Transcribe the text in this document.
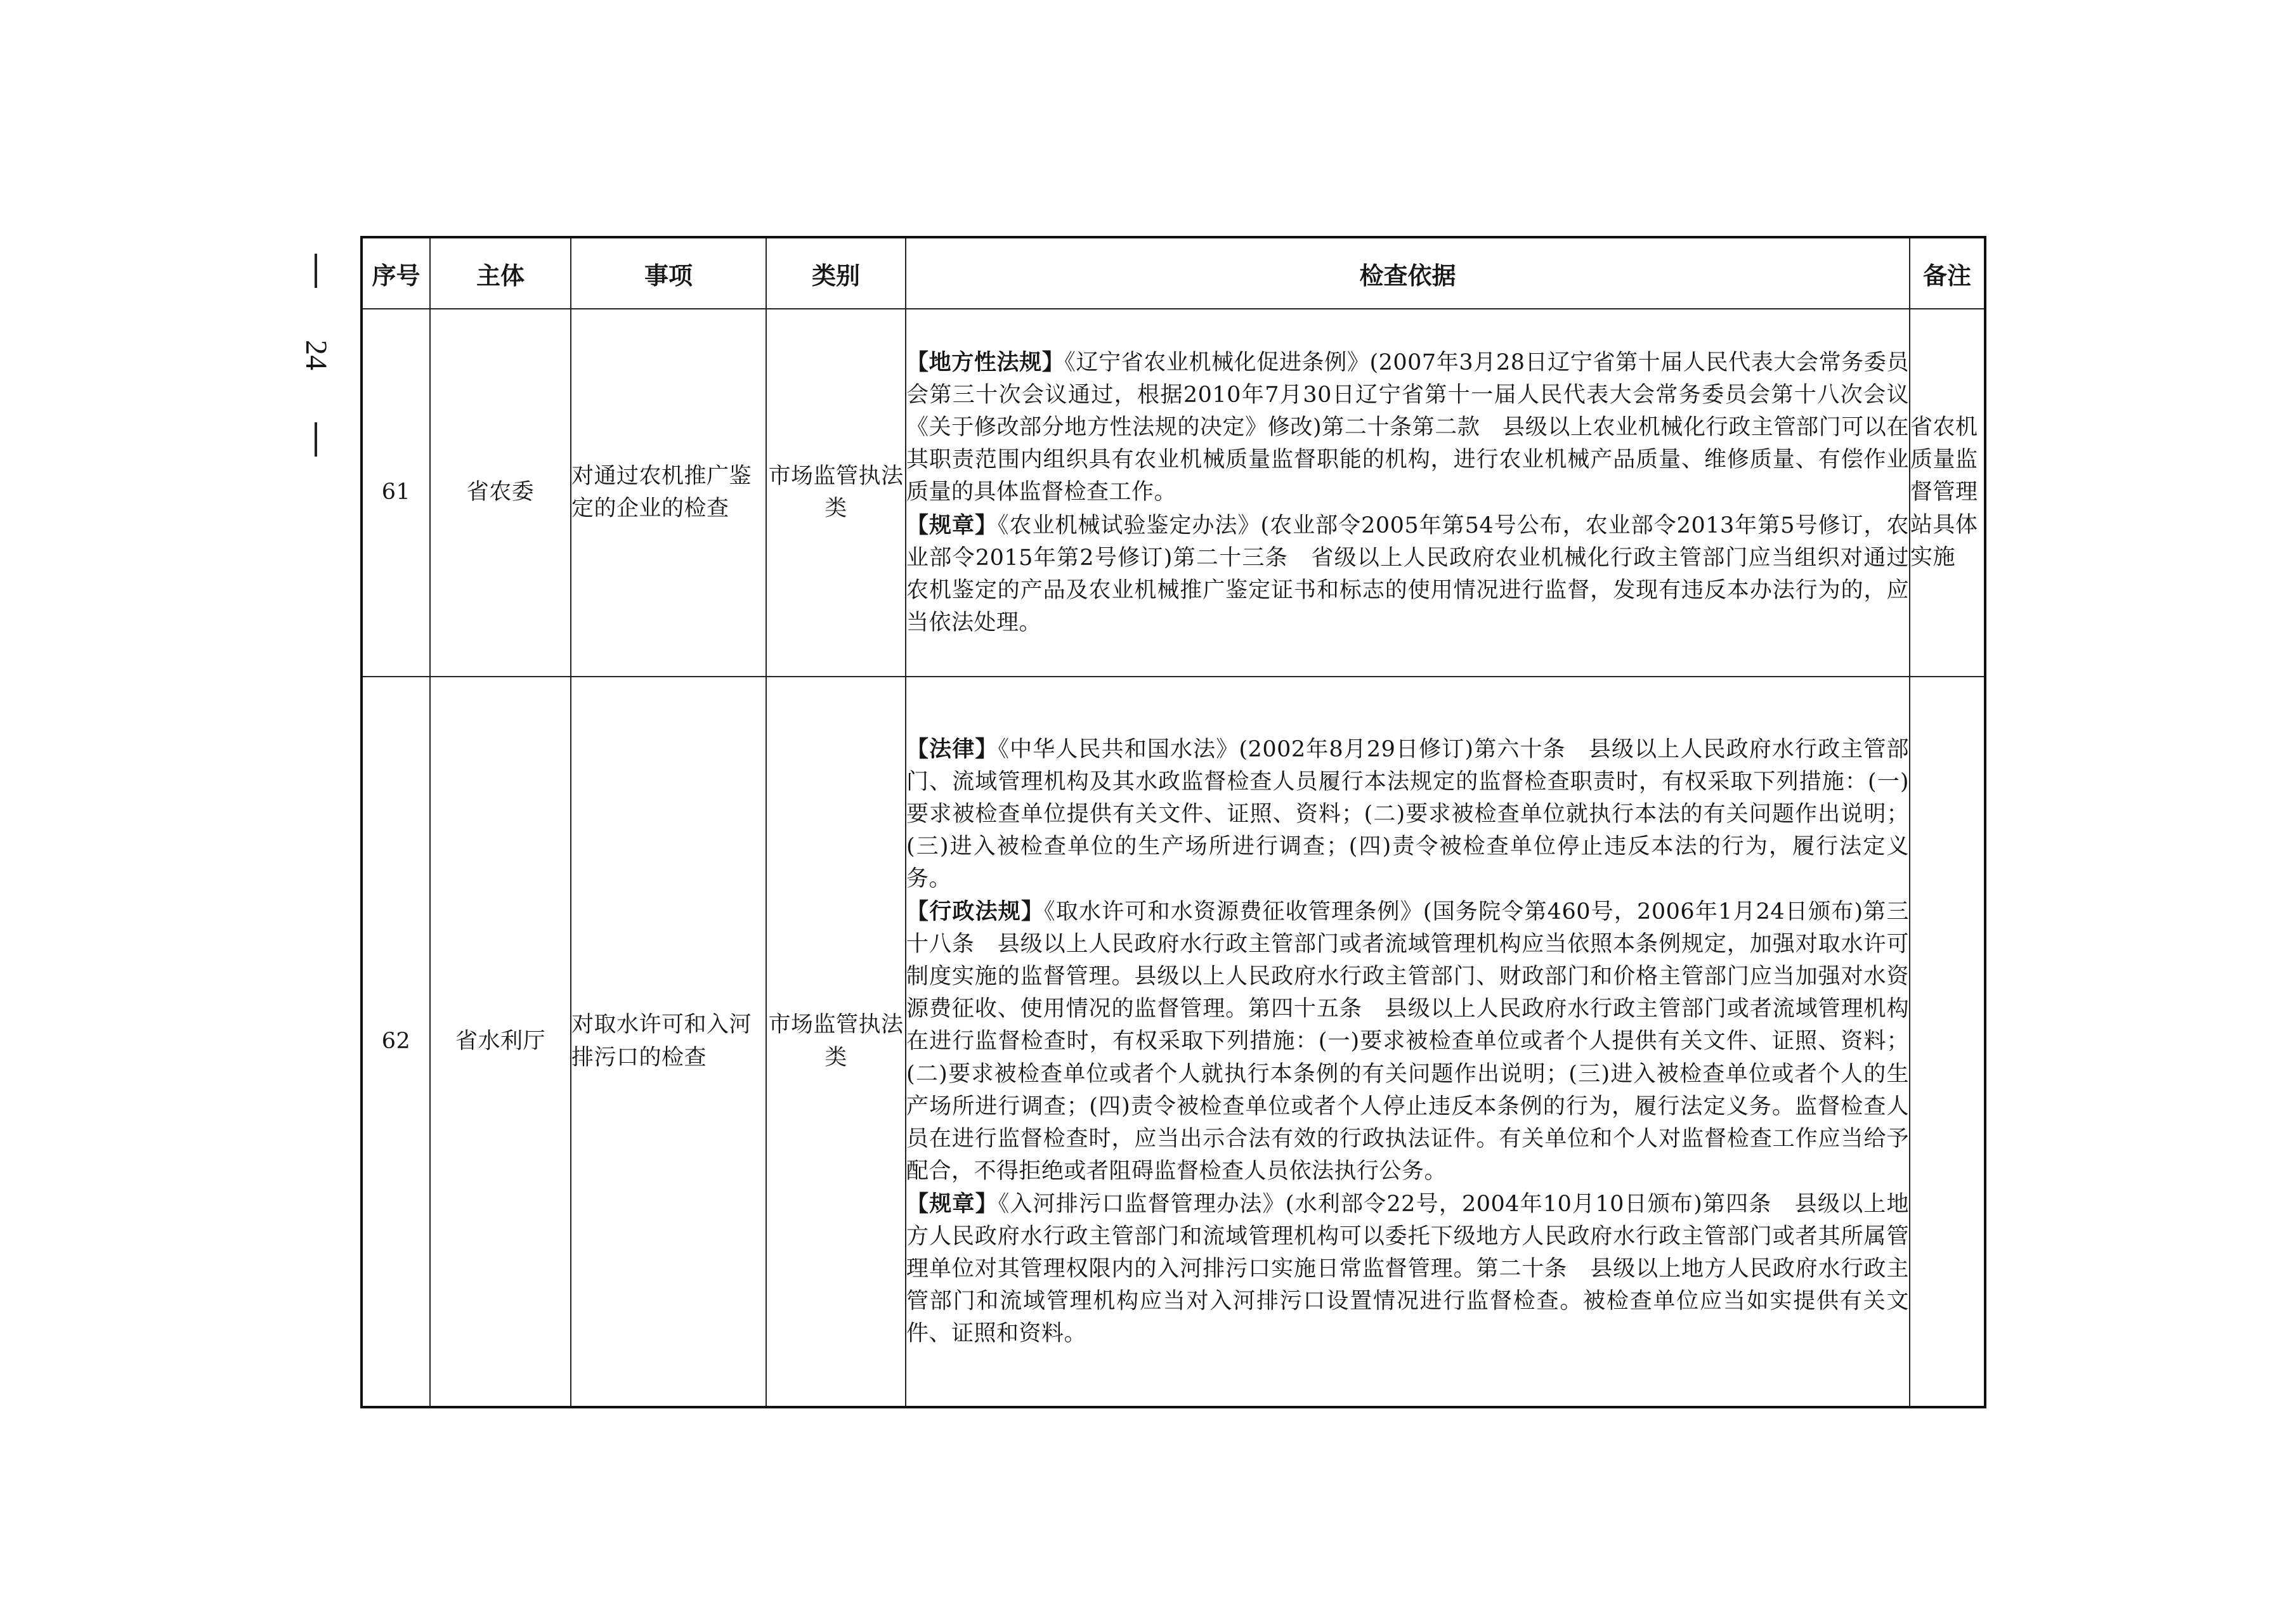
24
序号	主体	事项	类别	检查依据	备注
61	省农委	对通过农机推广鉴定的企业的检查	市场监管执法类	【地方性法规】《辽宁省农业机械化促进条例》(2007年3月28日辽宁省第十届人民代表大会常务委员会第三十次会议通过，根据2010年7月30日辽宁省第十一届人民代表大会常务委员会第十八次会议《关于修改部分地方性法规的决定》修改)第二十条第二款　县级以上农业机械化行政主管部门可以在其职责范围内组织具有农业机械质量监督职能的机构，进行农业机械产品质量、维修质量、有偿作业质量的具体监督检查工作。
【规章】《农业机械试验鉴定办法》(农业部令2005年第54号公布，农业部令2013年第5号修订，农业部令2015年第2号修订)第二十三条　省级以上人民政府农业机械化行政主管部门应当组织对通过农机鉴定的产品及农业机械推广鉴定证书和标志的使用情况进行监督，发现有违反本办法行为的，应当依法处理。	省农机质量监督管理站具体实施
62	省水利厅	对取水许可和入河排污口的检查	市场监管执法类	【法律】《中华人民共和国水法》(2002年8月29日修订)第六十条　县级以上人民政府水行政主管部门、流域管理机构及其水政监督检查人员履行本法规定的监督检查职责时，有权采取下列措施：(一)要求被检查单位提供有关文件、证照、资料；(二)要求被检查单位就执行本法的有关问题作出说明；(三)进入被检查单位的生产场所进行调查；(四)责令被检查单位停止违反本法的行为，履行法定义务。
【行政法规】《取水许可和水资源费征收管理条例》(国务院令第460号，2006年1月24日颁布)第三十八条　县级以上人民政府水行政主管部门或者流域管理机构应当依照本条例规定，加强对取水许可制度实施的监督管理。县级以上人民政府水行政主管部门、财政部门和价格主管部门应当加强对水资源费征收、使用情况的监督管理。第四十五条　县级以上人民政府水行政主管部门或者流域管理机构在进行监督检查时，有权采取下列措施：(一)要求被检查单位或者个人提供有关文件、证照、资料；(二)要求被检查单位或者个人就执行本条例的有关问题作出说明；(三)进入被检查单位或者个人的生产场所进行调查；(四)责令被检查单位或者个人停止违反本条例的行为，履行法定义务。监督检查人员在进行监督检查时，应当出示合法有效的行政执法证件。有关单位和个人对监督检查工作应当给予配合，不得拒绝或者阻碍监督检查人员依法执行公务。
【规章】《入河排污口监督管理办法》(水利部令22号，2004年10月10日颁布)第四条　县级以上地方人民政府水行政主管部门和流域管理机构可以委托下级地方人民政府水行政主管部门或者其所属管理单位对其管理权限内的入河排污口实施日常监督管理。第二十条　县级以上地方人民政府水行政主管部门和流域管理机构应当对入河排污口设置情况进行监督检查。被检查单位应当如实提供有关文件、证照和资料。	
